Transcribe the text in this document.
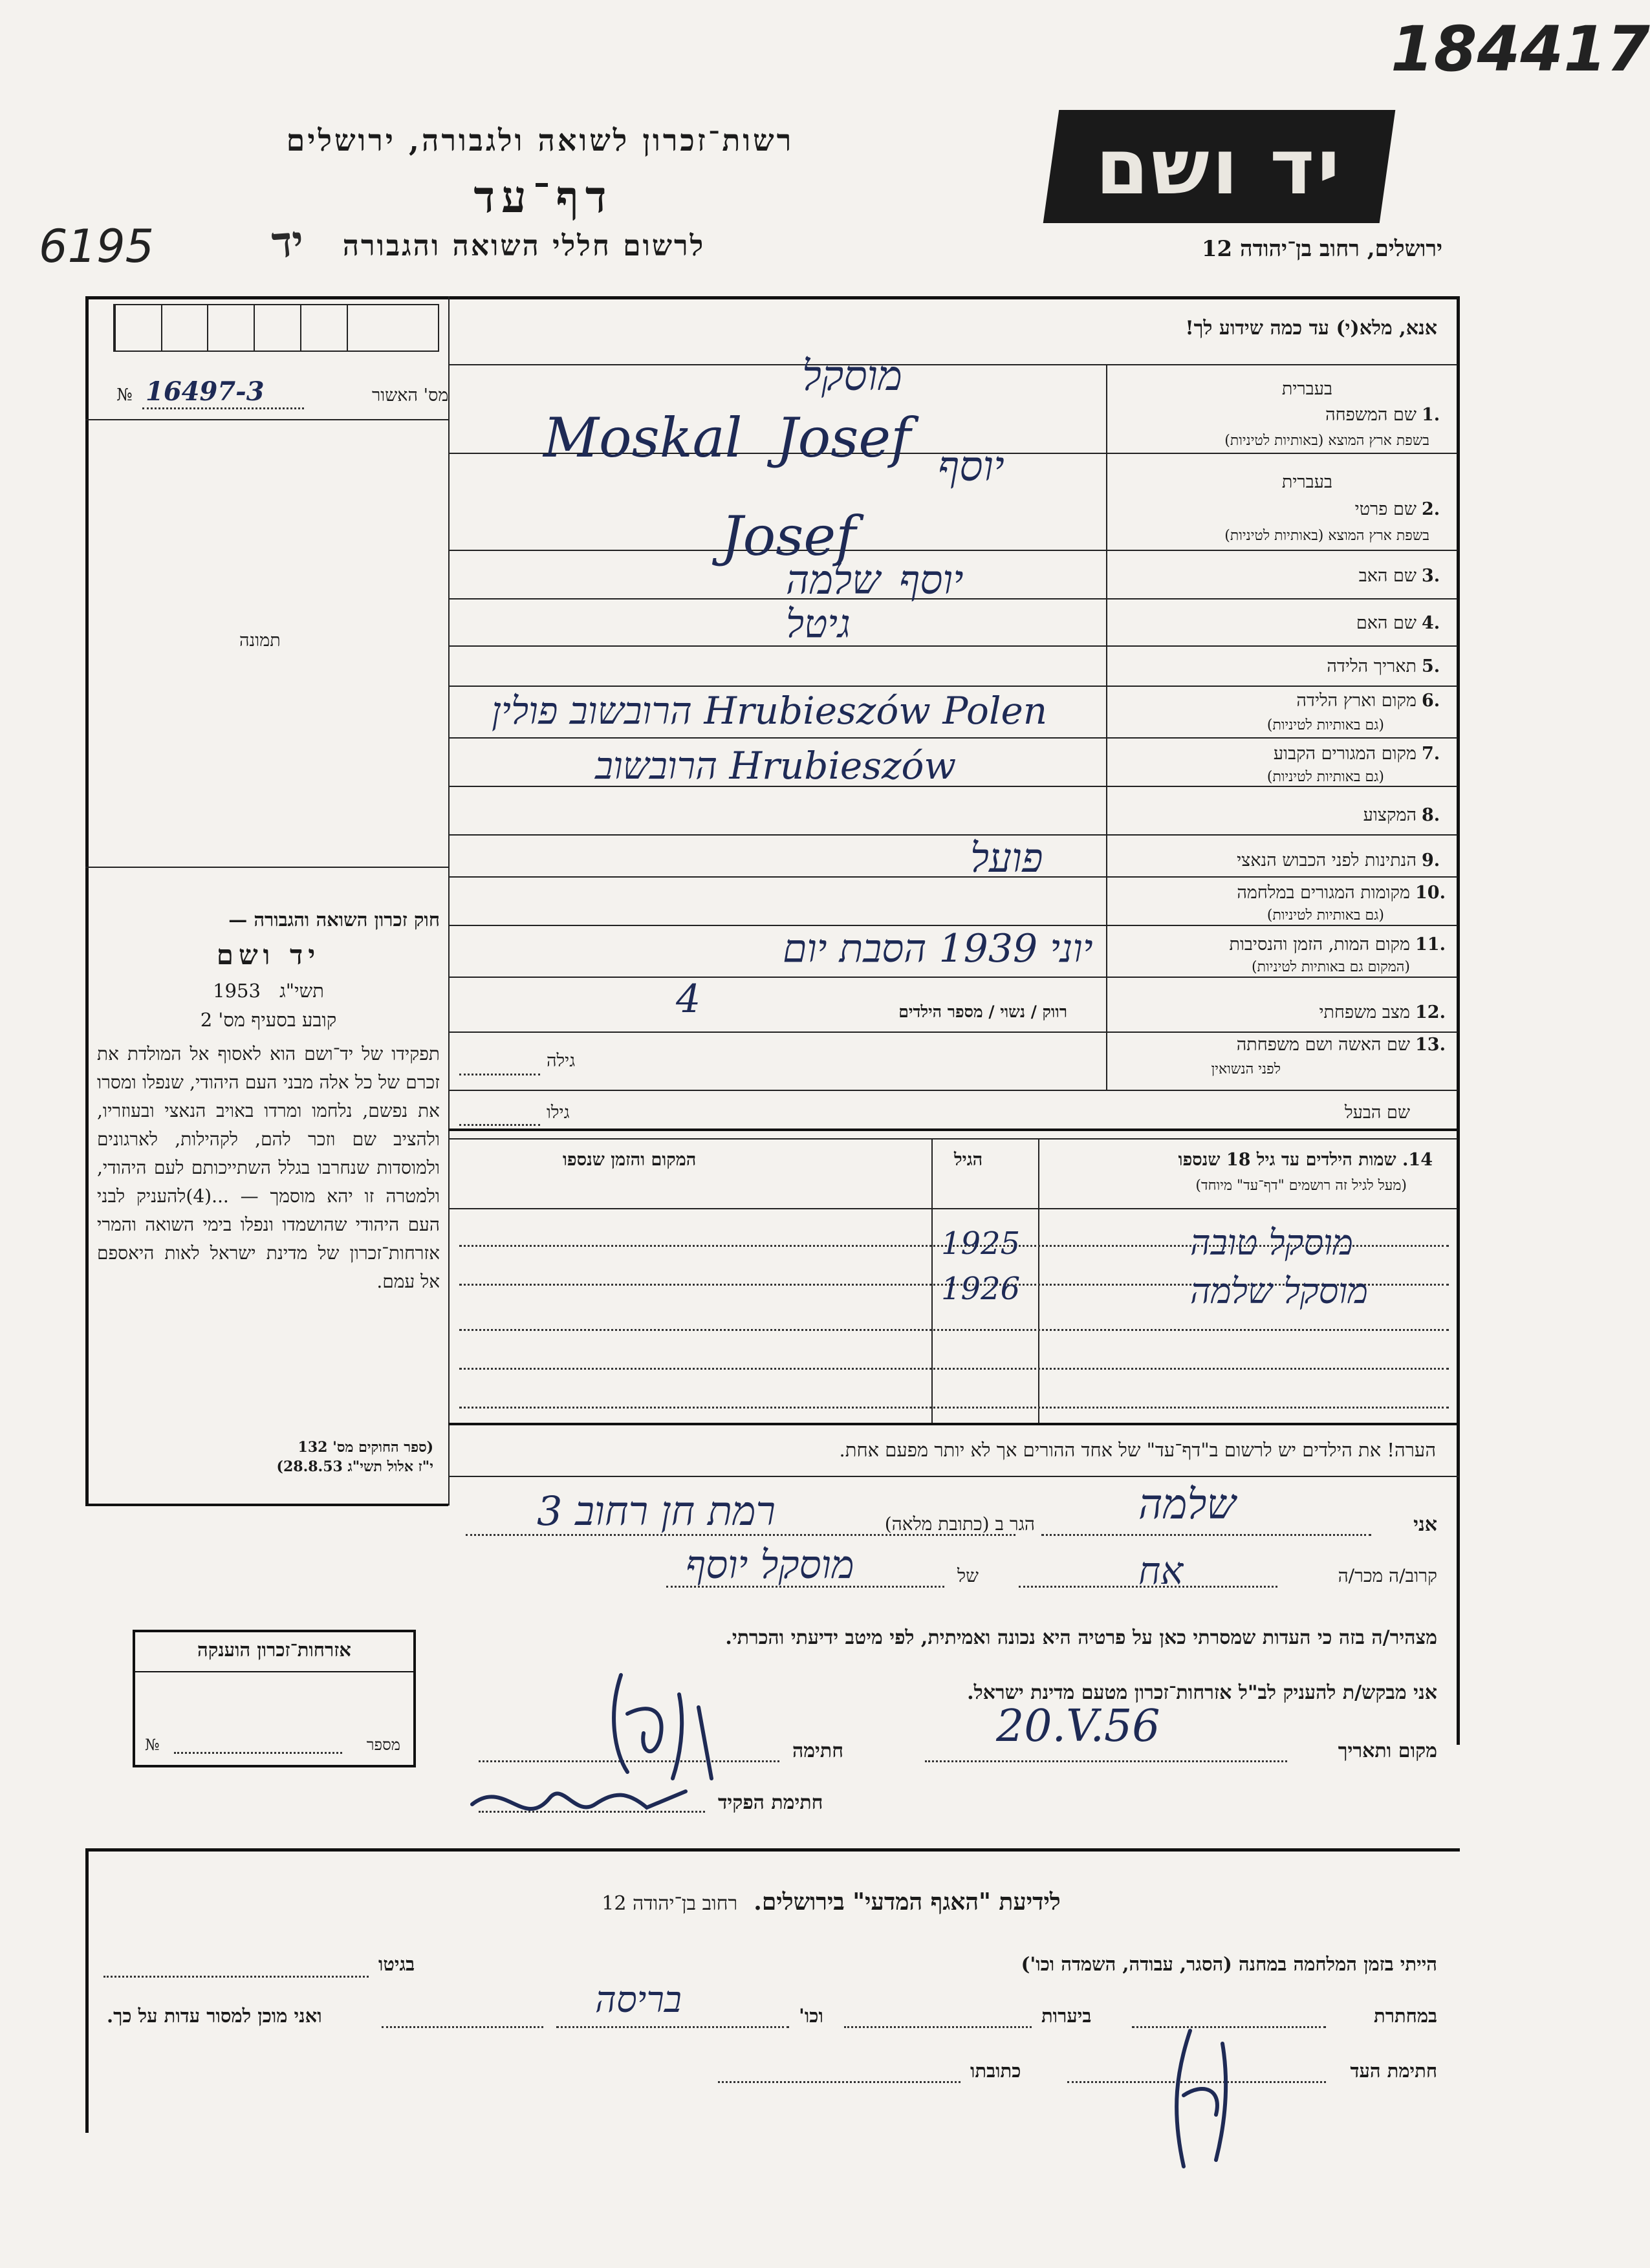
184417
6195	יד
יד ושם
רשות־זכרון לשואה ולגבורה, ירושלים
דף־עד
לרשום חללי השואה והגבורה	ירושלים, רחוב בן־יהודה 12
אנא, מלא(י) עד כמה שידוע לך!
מס' האשור
№ 16497-3
תמונה
בעברית
1.
שם המשפחה
בשפת ארץ המוצא (באותיות לטיניות)
מוסקל
Moskal Josef
בעברית
2.
שם פרטי
בשפת ארץ המוצא (באותיות לטיניות)
יוסף
Josef
3.
שם האב
שלמה יוסף
4.
שם האם
גיטל
5.
תאריך הלידה
6.
מקום וארץ הלידה
(גם באותיות לטיניות)
הרובשוב פולין Hrubieszów Polen
7.
מקום המגורים הקבוע
(גם באותיות לטיניות)
הרובשוב Hrubieszów
8.
המקצוע
9.
הנתינות לפני הכבוש הנאצי
פועל
10.
מקומות המגורים במלחמה
(גם באותיות לטיניות)
11.
מקום המות, הזמן והנסיבות
(המקום גם באותיות לטיניות)
יוני 1939 הסבת יום
12.
מצב משפחתי
רווק / נשוי / מספר הילדים
4
13.
שם האשה ושם משפחתה
לפני הנשואין
גילה
שם הבעל
גילו
חוק זכרון השואה והגבורה —
יד ושם
תשי"ג 1953
קובע בסעיף מס' 2
תפקידו של יד־ושם הוא לאסוף אל המולדת את זכרם של כל אלה מבני העם היהודי, שנפלו ומסרו את נפשם, נלחמו ומרדו באויב הנאצי ובעוזריו, ולהציב שם וזכר להם, לקהילות, לארגונים ולמוסדות שנחרבו בגלל השתייכותם לעם היהודי, ולמטרה זו יהא מוסמך — ...(4)להעניק לבני העם היהודי שהושמדו ונפלו בימי השואה והמרי אזרחות־זכרון של מדינת ישראל לאות היאספם אל עמם.
(ספר החוקים מס' 132
י"ז אלול תשי"ג 28.8.53)
14. שמות הילדים עד גיל 18 שנספו
(מעל לגיל זה רושמים "דף־עד" מיוחד)
הגיל
המקום והזמן שנספו
מוסקל טובה
1925
מוסקל שלמה
1926
הערה! את הילדים יש לרשום ב"דף־עד" של אחד ההורים אך לא יותר מפעם אחת.
אני
שלמה
הגר ב (כתובת מלאה)
רמת חן רחוב 3
קרוב/ה מכר/ה
אח
של
מוסקל יוסף
מצהיר/ה בזה כי העדות שמסרתי כאן על פרטיה היא נכונה ואמיתית, לפי מיטב ידיעתי והכרתי.
אני מבקש/ת להעניק לב"ל אזרחות־זכרון מטעם מדינת ישראל.
מקום ותאריך
20.V.56
חתימה
חתימת הפקיד
אזרחות־זכרון הוענקה
№	מספר
לידיעת "האגף המדעי" בירושלים. רחוב בן־יהודה 12
הייתי בזמן המלחמה במחנה (הסגר, עבודה, השמדה וכו')
בגיטו
במחתרת
ביערות
וכו'
בריסה
ואני מוכן למסור עדות על כך.
חתימת העד
כתובתו
